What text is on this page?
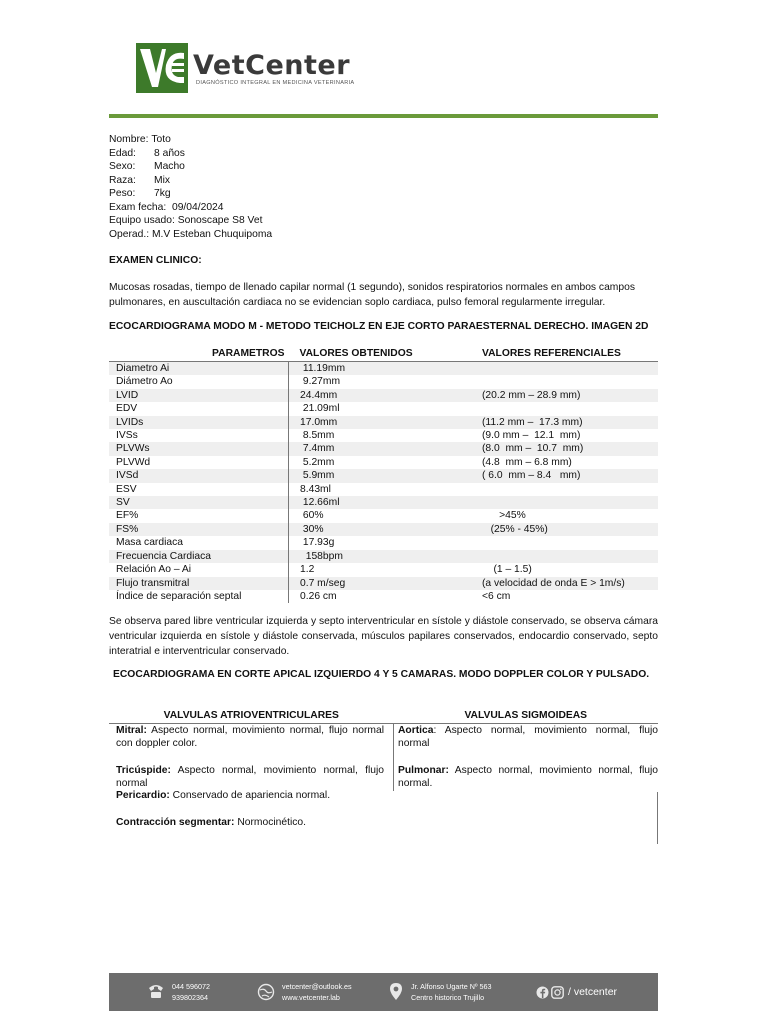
VetCenter
DIAGNÓSTICO INTEGRAL EN MEDICINA VETERINARIA
Nombre:
Toto
Edad:	8 años
Sexo:	Macho
Raza:	Mix
Peso:	7kg
Exam fecha:
09/04/2024
Equipo usado:
Sonoscape S8 Vet
Operad.:
M.V Esteban Chuquipoma
EXAMEN CLINICO:
Mucosas rosadas, tiempo de llenado capilar normal (1 segundo), sonidos respiratorios normales en ambos campos pulmonares, en auscultación cardiaca no se evidencian soplo cardiaca, pulso femoral regularmente irregular.
ECOCARDIOGRAMA MODO M - METODO TEICHOLZ EN EJE CORTO PARAESTERNAL DERECHO. IMAGEN 2D
PARAMETROS	VALORES OBTENIDOS	VALORES REFERENCIALES
Diametro Ai	11.19mm	
Diámetro Ao	9.27mm	
LVID	24.4mm	(20.2 mm – 28.9 mm)
EDV	21.09ml	
LVIDs	17.0mm	(11.2 mm –  17.3 mm)
IVSs	8.5mm	(9.0 mm –  12.1  mm)
PLVWs	7.4mm	(8.0  mm –  10.7  mm)
PLVWd	5.2mm	(4.8  mm – 6.8 mm)
IVSd	5.9mm	( 6.0  mm – 8.4   mm)
ESV	8.43ml	
SV	12.66ml	
EF%	60%	>45%
FS%	30%	(25% - 45%)
Masa cardiaca	17.93g	
Frecuencia Cardiaca	158bpm	
Relación Ao – Ai	1.2	(1 – 1.5)
Flujo transmitral	0.7 m/seg	(a velocidad de onda E > 1m/s)
Índice de separación septal	0.26 cm	<6 cm
Se observa pared libre ventricular izquierda y septo interventricular en sístole y diástole conservado, se observa cámara ventricular izquierda en sístole y diástole conservada, músculos papilares conservados, endocardio conservado, septo interatrial e interventricular conservado.
ECOCARDIOGRAMA EN CORTE APICAL IZQUIERDO 4 Y 5 CAMARAS. MODO DOPPLER COLOR Y PULSADO.
VALVULAS ATRIOVENTRICULARES	VALVULAS SIGMOIDEAS
Mitral: Aspecto normal, movimiento normal, flujo normal con doppler color.	Aortica: Aspecto normal, movimiento normal, flujo normal
Tricúspide: Aspecto normal, movimiento normal, flujo normal	Pulmonar: Aspecto normal, movimiento normal, flujo normal.
Pericardio: Conservado de apariencia normal.
Contracción segmentar: Normocinético.
044 596072
939802364
vetcenter@outlook.es
www.vetcenter.lab
Jr. Alfonso Ugarte Nº 563
Centro historico Trujillo	/ vetcenter
